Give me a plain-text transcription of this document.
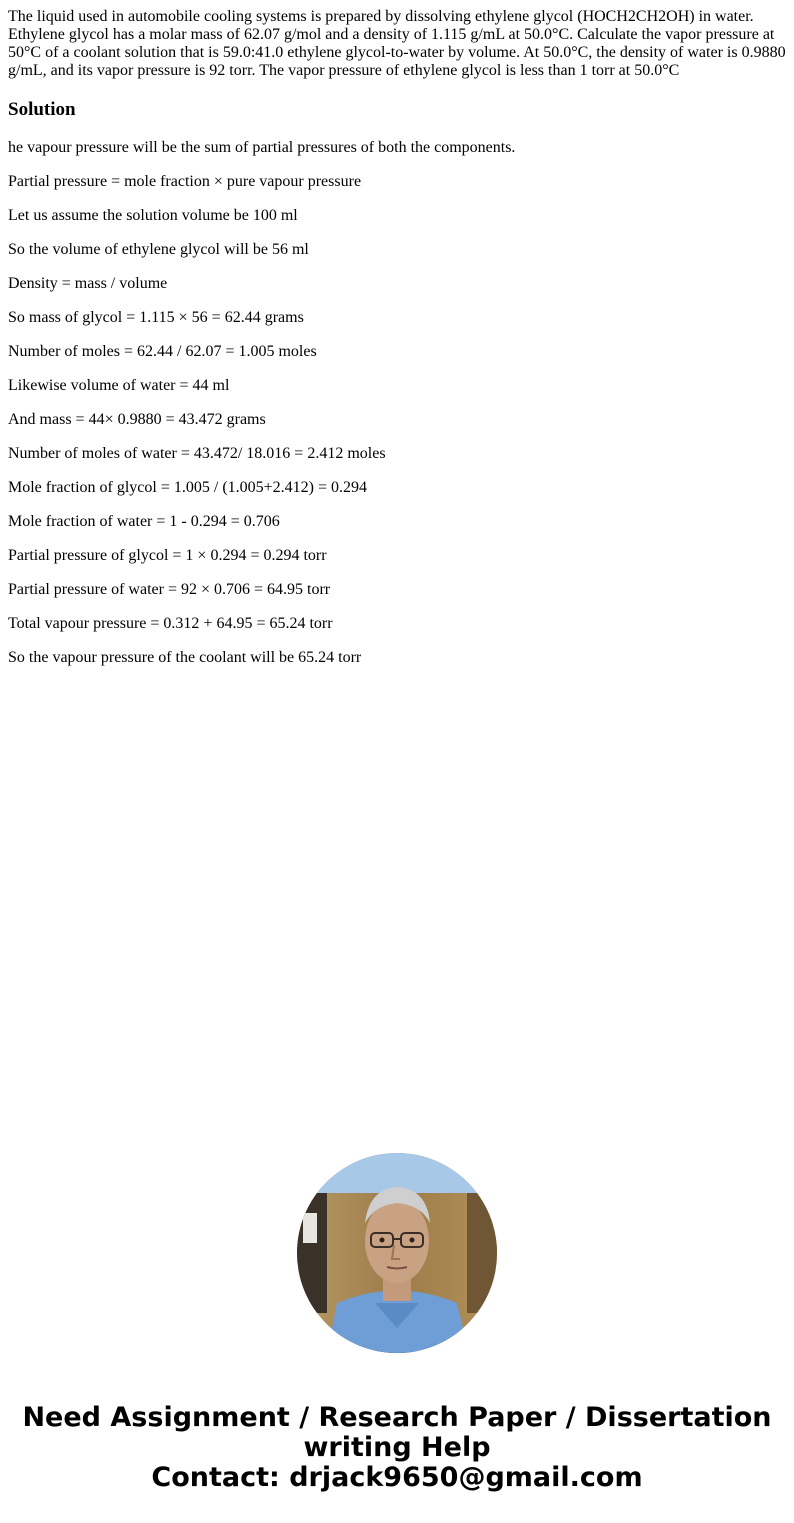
The liquid used in automobile cooling systems is prepared by dissolving ethylene glycol (HOCH2CH2OH) in water. Ethylene glycol has a molar mass of 62.07 g/mol and a density of 1.115 g/mL at 50.0°C. Calculate the vapor pressure at 50°C of a coolant solution that is 59.0:41.0 ethylene glycol-to-water by volume. At 50.0°C, the density of water is 0.9880 g/mL, and its vapor pressure is 92 torr. The vapor pressure of ethylene glycol is less than 1 torr at 50.0°C

Solution

he vapour pressure will be the sum of partial pressures of both the components.

Partial pressure = mole fraction × pure vapour pressure

Let us assume the solution volume be 100 ml

So the volume of ethylene glycol will be 56 ml

Density = mass / volume

So mass of glycol = 1.115 × 56 = 62.44 grams

Number of moles = 62.44 / 62.07 = 1.005 moles

Likewise volume of water = 44 ml

And mass = 44× 0.9880 = 43.472 grams

Number of moles of water = 43.472/ 18.016 = 2.412 moles

Mole fraction of glycol = 1.005 / (1.005+2.412) = 0.294

Mole fraction of water = 1 - 0.294 = 0.706

Partial pressure of glycol = 1 × 0.294 = 0.294 torr

Partial pressure of water = 92 × 0.706 = 64.95 torr

Total vapour pressure = 0.312 + 64.95 = 65.24 torr

So the vapour pressure of the coolant will be 65.24 torr

Need Assignment / Research Paper / Dissertation
writing Help
Contact: drjack9650@gmail.com
